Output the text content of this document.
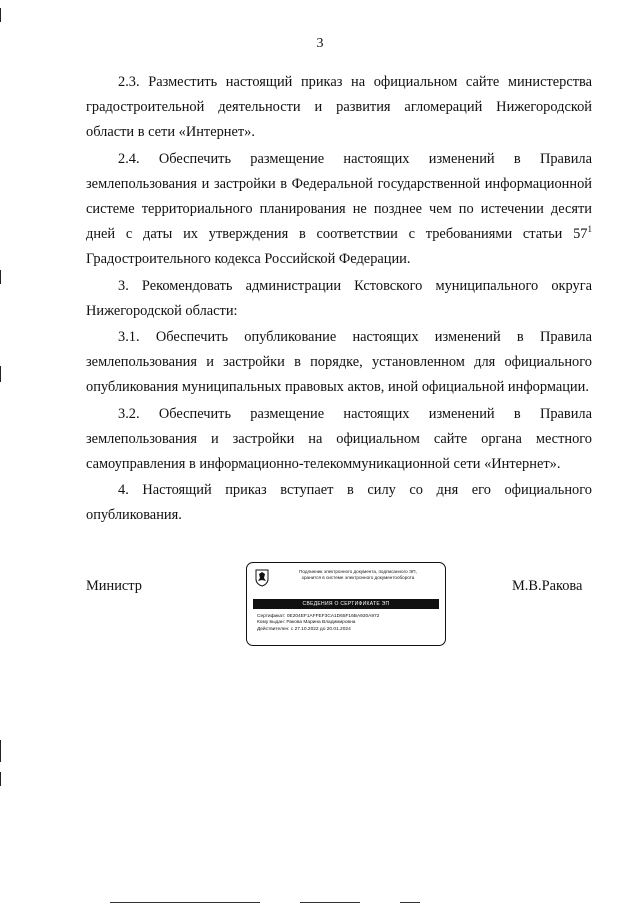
3

2.3. Разместить настоящий приказ на официальном сайте министерства градостроительной деятельности и развития агломераций Нижегородской области в сети «Интернет».

2.4. Обеспечить размещение настоящих изменений в Правила землепользования и застройки в Федеральной государственной информационной системе территориального планирования не позднее чем по истечении десяти дней с даты их утверждения в соответствии с требованиями статьи $57^1$ Градостроительного кодекса Российской Федерации.

3. Рекомендовать администрации Кстовского муниципального округа Нижегородской области:

3.1. Обеспечить опубликование настоящих изменений в Правила землепользования и застройки в порядке, установленном для официального опубликования муниципальных правовых актов, иной официальной информации.

3.2. Обеспечить размещение настоящих изменений в Правила землепользования и застройки на официальном сайте органа местного самоуправления в информационно-телекоммуникационной сети «Интернет».

4. Настоящий приказ вступает в силу со дня его официального опубликования.

Министр
Подлинник электронного документа, подписанного ЭП,
хранится в системе электронного документооборота
СВЕДЕНИЯ О СЕРТИФИКАТЕ ЭП
Сертификат: 0E204EF1AFFEF3CA1D65F16BA920A972
Кому выдан: Ракова Марина Владимировна
Действителен: с 27.10.2022 до 20.01.2024
М.В.Ракова
